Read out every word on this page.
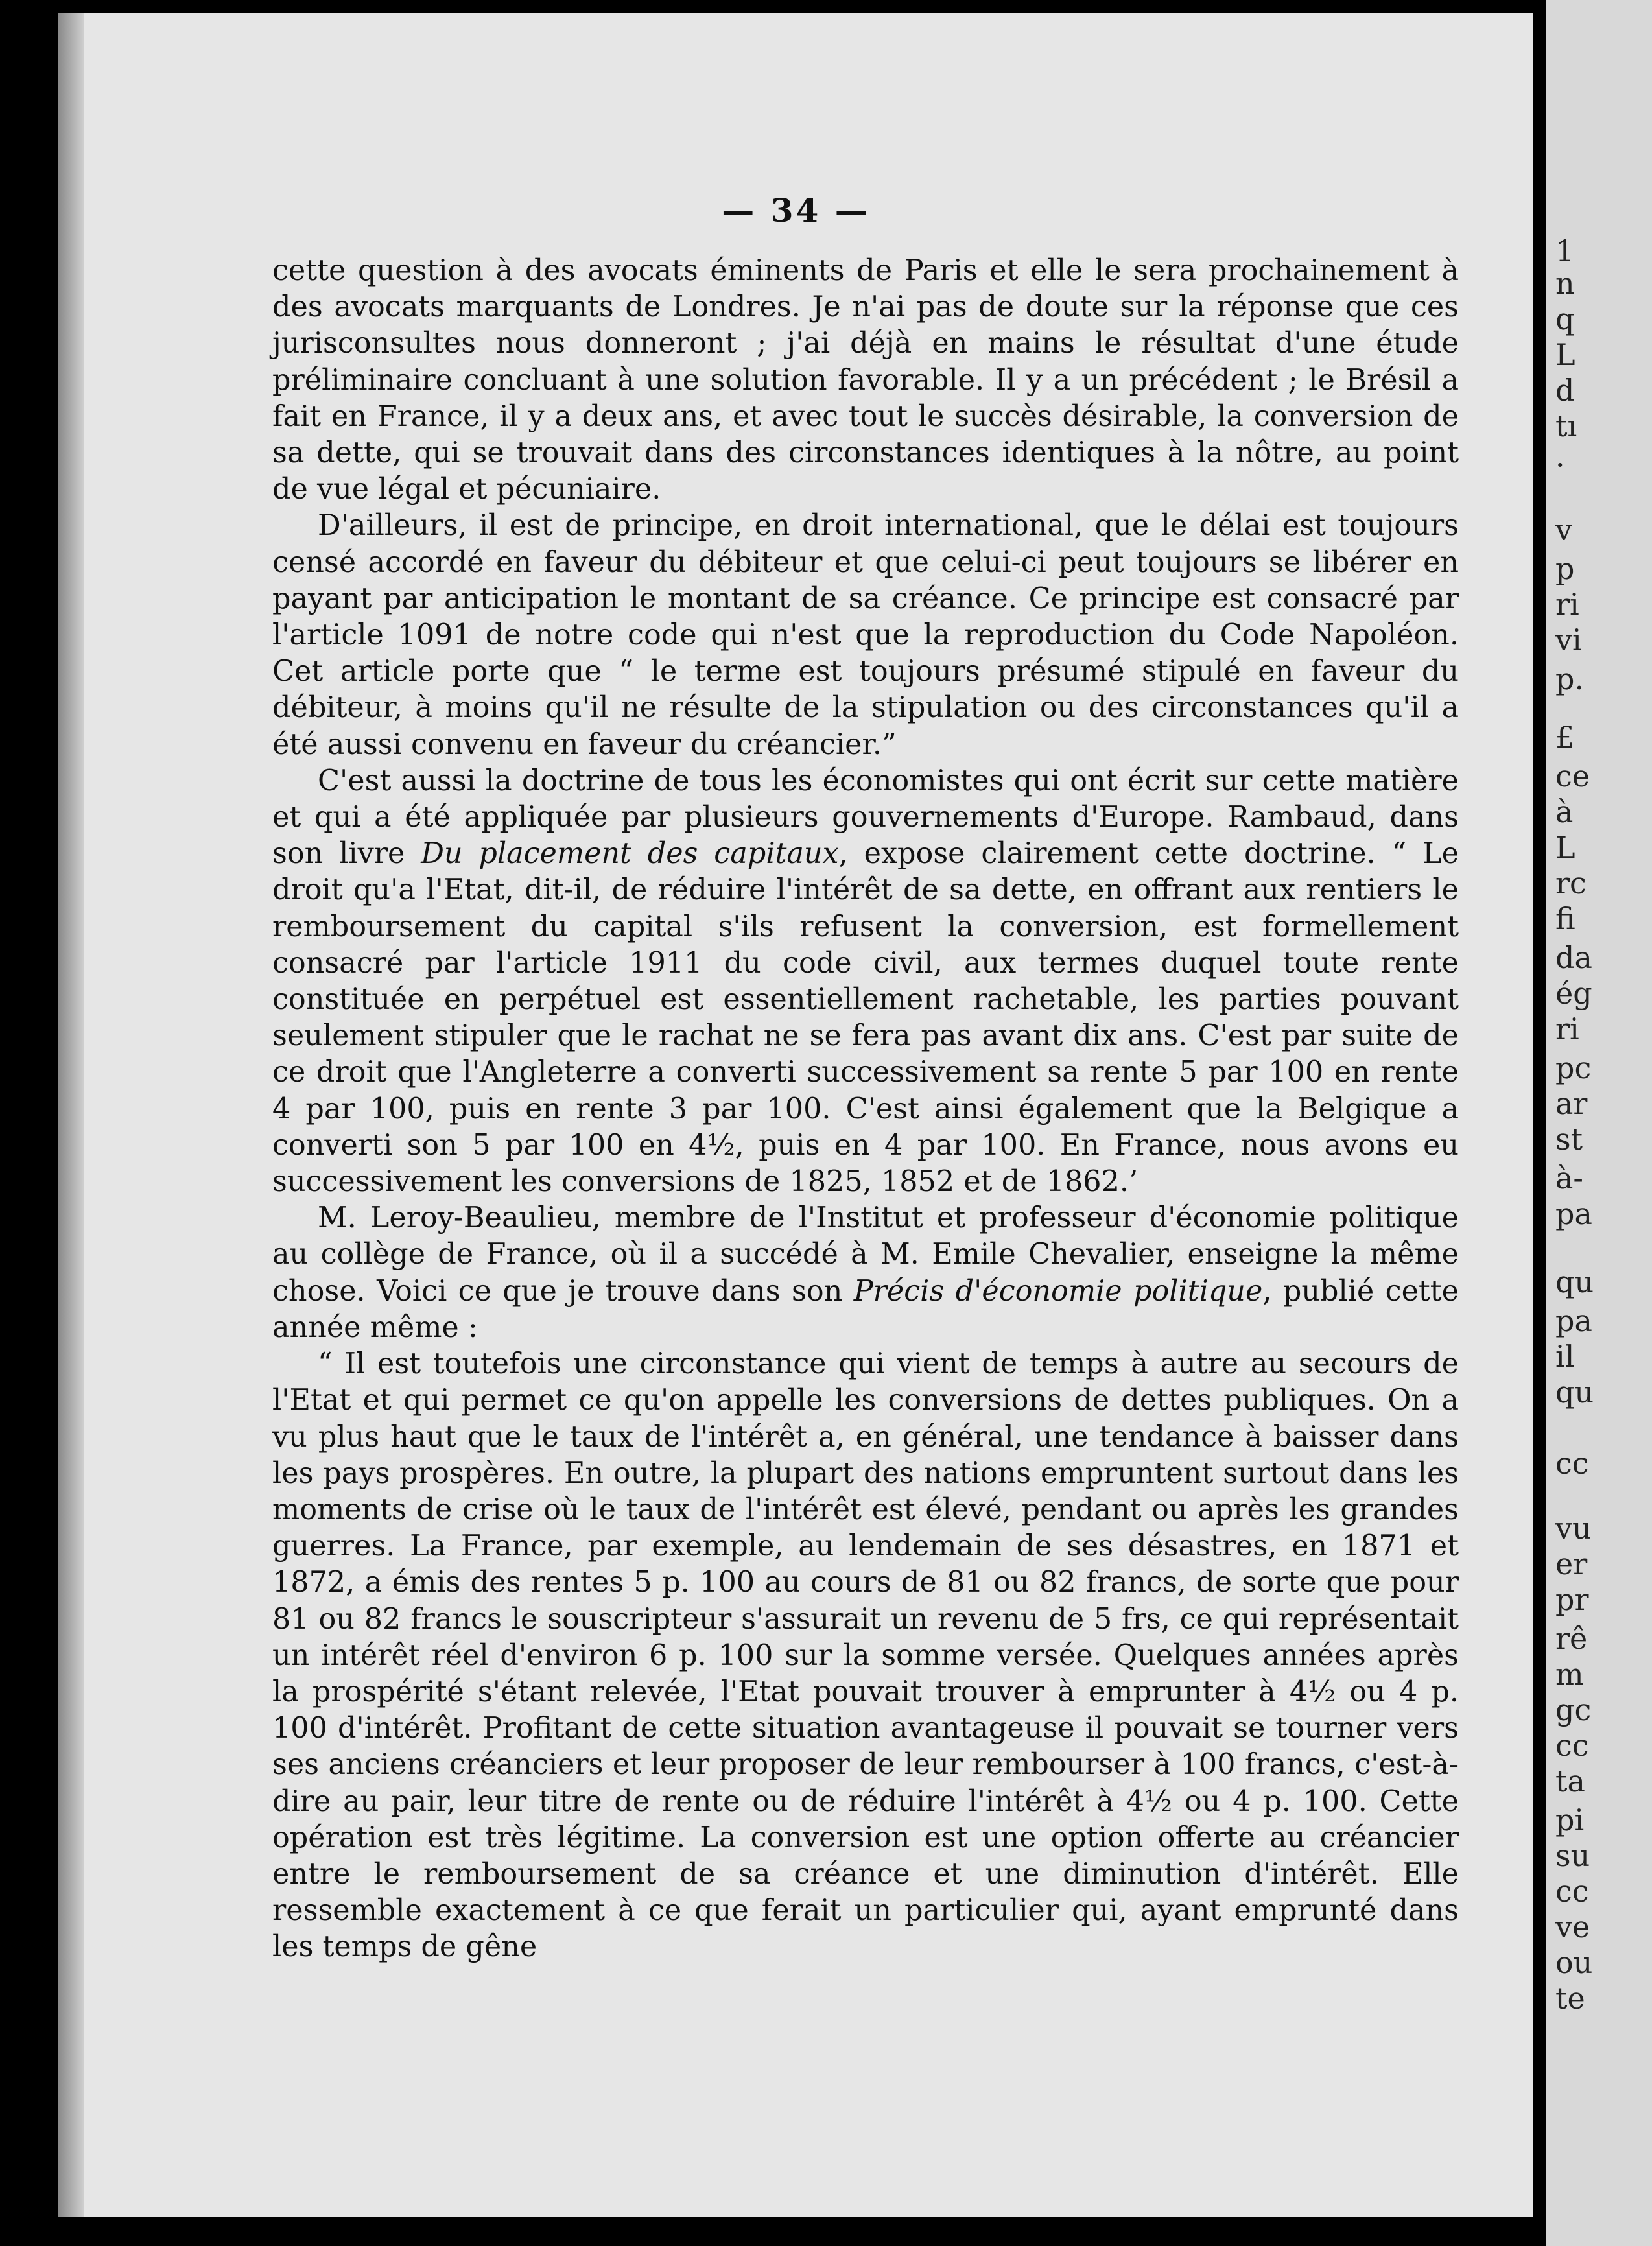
— 34 —

cette question à des avocats éminents de Paris et elle le sera prochainement à des avocats marquants de Londres. Je n'ai pas de doute sur la réponse que ces jurisconsultes nous donneront ; j'ai déjà en mains le résultat d'une étude préliminaire concluant à une solution favorable. Il y a un précédent ; le Brésil a fait en France, il y a deux ans, et avec tout le succès désirable, la conversion de sa dette, qui se trouvait dans des circonstances identiques à la nôtre, au point de vue légal et pécuniaire.

D'ailleurs, il est de principe, en droit international, que le délai est toujours censé accordé en faveur du débiteur et que celui-ci peut toujours se libérer en payant par anticipation le montant de sa créance. Ce principe est consacré par l'article 1091 de notre code qui n'est que la reproduction du Code Napoléon. Cet article porte que “ le terme est toujours présumé stipulé en faveur du débiteur, à moins qu'il ne résulte de la stipulation ou des circonstances qu'il a été aussi convenu en faveur du créancier.”

C'est aussi la doctrine de tous les économistes qui ont écrit sur cette matière et qui a été appliquée par plusieurs gouvernements d'Europe. Rambaud, dans son livre Du placement des capitaux, expose clairement cette doctrine. “ Le droit qu'a l'Etat, dit-il, de réduire l'intérêt de sa dette, en offrant aux rentiers le remboursement du capital s'ils refusent la conversion, est formellement consacré par l'article 1911 du code civil, aux termes duquel toute rente constituée en perpétuel est essentiellement rachetable, les parties pouvant seulement stipuler que le rachat ne se fera pas avant dix ans. C'est par suite de ce droit que l'Angleterre a converti successivement sa rente 5 par 100 en rente 4 par 100, puis en rente 3 par 100. C'est ainsi également que la Belgique a converti son 5 par 100 en 4½, puis en 4 par 100. En France, nous avons eu successivement les conversions de 1825, 1852 et de 1862.’

M. Leroy-Beaulieu, membre de l'Institut et professeur d'économie politique au collège de France, où il a succédé à M. Emile Chevalier, enseigne la même chose. Voici ce que je trouve dans son Précis d'économie politique, publié cette année même :

“ Il est toutefois une circonstance qui vient de temps à autre au secours de l'Etat et qui permet ce qu'on appelle les conversions de dettes publiques. On a vu plus haut que le taux de l'intérêt a, en général, une tendance à baisser dans les pays prospères. En outre, la plupart des nations empruntent surtout dans les moments de crise où le taux de l'intérêt est élevé, pendant ou après les grandes guerres. La France, par exemple, au lendemain de ses désastres, en 1871 et 1872, a émis des rentes 5 p. 100 au cours de 81 ou 82 francs, de sorte que pour 81 ou 82 francs le souscripteur s'assurait un revenu de 5 frs, ce qui représentait un intérêt réel d'environ 6 p. 100 sur la somme versée. Quelques années après la prospérité s'étant relevée, l'Etat pouvait trouver à emprunter à 4½ ou 4 p. 100 d'intérêt. Profitant de cette situation avantageuse il pouvait se tourner vers ses anciens créanciers et leur proposer de leur rembourser à 100 francs, c'est-à-dire au pair, leur titre de rente ou de réduire l'intérêt à 4½ ou 4 p. 100. Cette opération est très légitime. La conversion est une option offerte au créancier entre le remboursement de sa créance et une diminution d'intérêt. Elle ressemble exactement à ce que ferait un particulier qui, ayant emprunté dans les temps de gêne

1
n
q
L
d
tı
·
v
p
ri
vi
p.
£
ce
à
L
rc
fi
da
ég
ri
pc
ar
st
à-
pa
qu
pa
il
qu
cc
vu
er
pr
rê
m
gc
cc
ta
pi
su
cc
ve
ou
te
